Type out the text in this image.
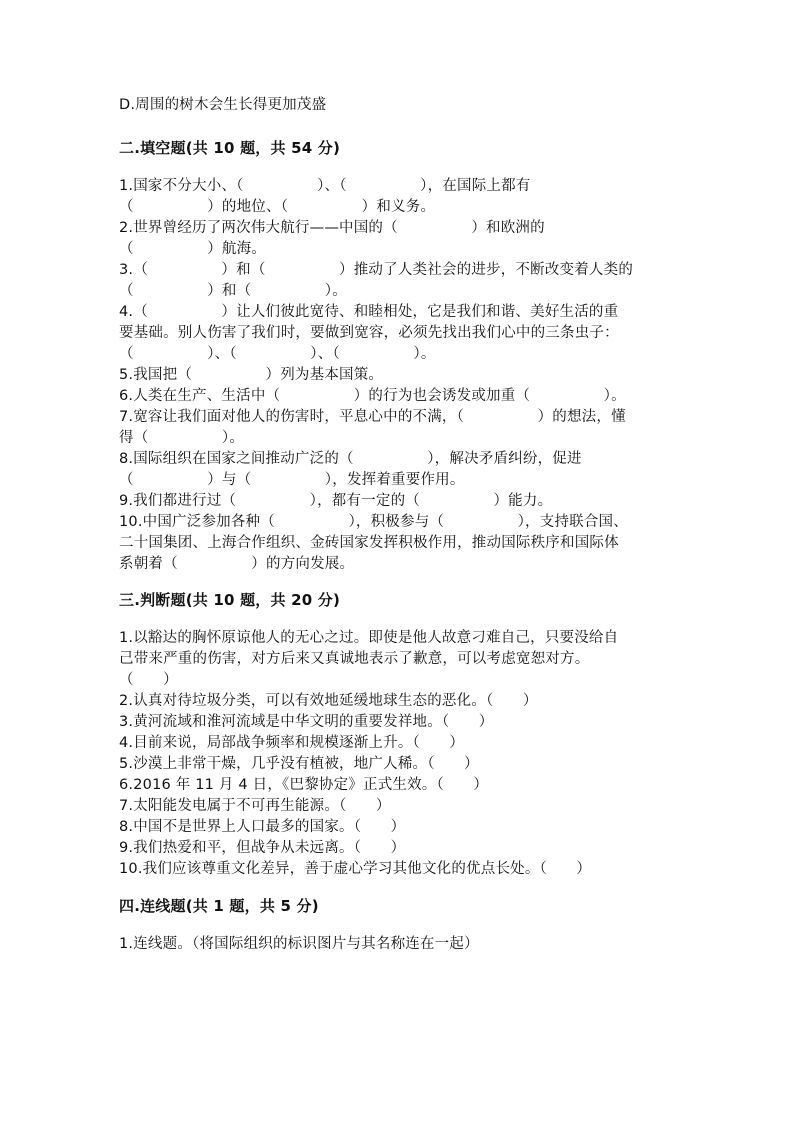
D.周围的树木会生长得更加茂盛
二.填空题(共 10 题，共 54 分)
1.国家不分大小、（　　　　　）、（　　　　　），在国际上都有
（　　　　　）的地位、（　　　　　）和义务。
2.世界曾经历了两次伟大航行——中国的（　　　　　）和欧洲的
（　　　　　）航海。
3.（　　　　　）和（　　　　　）推动了人类社会的进步，不断改变着人类的
（　　　　　）和（　　　　　）。
4.（　　　　　）让人们彼此宽待、和睦相处，它是我们和谐、美好生活的重
要基础。别人伤害了我们时，要做到宽容，必须先找出我们心中的三条虫子：
（　　　　　）、（　　　　　）、（　　　　　）。
5.我国把（　　　　　）列为基本国策。
6.人类在生产、生活中（　　　　　）的行为也会诱发或加重（　　　　　）。
7.宽容让我们面对他人的伤害时，平息心中的不满，（　　　　　）的想法，懂
得（　　　　　）。
8.国际组织在国家之间推动广泛的（　　　　　），解决矛盾纠纷，促进
（　　　　　）与（　　　　　），发挥着重要作用。
9.我们都进行过（　　　　　），都有一定的（　　　　　）能力。
10.中国广泛参加各种（　　　　　），积极参与（　　　　　），支持联合国、
二十国集团、上海合作组织、金砖国家发挥积极作用，推动国际秩序和国际体
系朝着（　　　　　）的方向发展。
三.判断题(共 10 题，共 20 分)
1.以豁达的胸怀原谅他人的无心之过。即使是他人故意刁难自己，只要没给自
己带来严重的伤害，对方后来又真诚地表示了歉意，可以考虑宽恕对方。
（　　）
2.认真对待垃圾分类，可以有效地延缓地球生态的恶化。（　　）
3.黄河流域和淮河流域是中华文明的重要发祥地。（　　）
4.目前来说，局部战争频率和规模逐渐上升。（　　）
5.沙漠上非常干燥，几乎没有植被，地广人稀。（　　）
6.2016 年 11 月 4 日，《巴黎协定》正式生效。（　　）
7.太阳能发电属于不可再生能源。（　　）
8.中国不是世界上人口最多的国家。（　　）
9.我们热爱和平，但战争从未远离。（　　）
10.我们应该尊重文化差异，善于虚心学习其他文化的优点长处。（　　）
四.连线题(共 1 题，共 5 分)
1.连线题。（将国际组织的标识图片与其名称连在一起）
